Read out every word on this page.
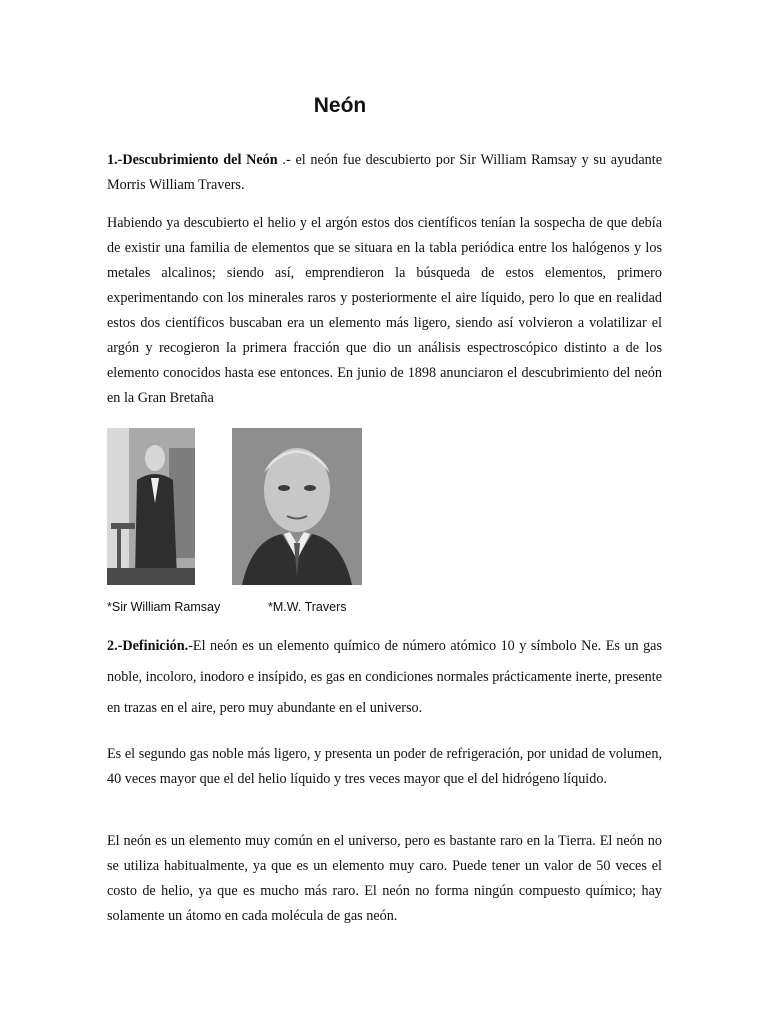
Neón

1.-Descubrimiento del Neón .- el neón fue descubierto por Sir William Ramsay y su ayudante Morris William Travers.

Habiendo ya descubierto el helio y el argón estos dos científicos tenían la sospecha de que debía de existir una familia de elementos que se situara en la tabla periódica entre los halógenos y los metales alcalinos; siendo así, emprendieron la búsqueda de estos elementos, primero experimentando con los minerales raros y posteriormente el aire líquido, pero lo que en realidad estos dos científicos buscaban era un elemento más ligero, siendo así volvieron a volatilizar el argón y recogieron la primera fracción que dio un análisis espectroscópico distinto a de los elemento conocidos hasta ese entonces. En junio de 1898 anunciaron el descubrimiento del neón en la Gran Bretaña

*Sir William Ramsay	*M.W. Travers

2.-Definición.-El neón es un elemento químico de número atómico 10 y símbolo Ne. Es un gas noble, incoloro, inodoro e insípido, es gas en condiciones normales prácticamente inerte, presente en trazas en el aire, pero muy abundante en el universo.

Es el segundo gas noble más ligero, y presenta un poder de refrigeración, por unidad de volumen, 40 veces mayor que el del helio líquido y tres veces mayor que el del hidrógeno líquido.

El neón es un elemento muy común en el universo, pero es bastante raro en la Tierra. El neón no se utiliza habitualmente, ya que es un elemento muy caro. Puede tener un valor de 50 veces el costo de helio, ya que es mucho más raro. El neón no forma ningún compuesto químico; hay solamente un átomo en cada molécula de gas neón.
